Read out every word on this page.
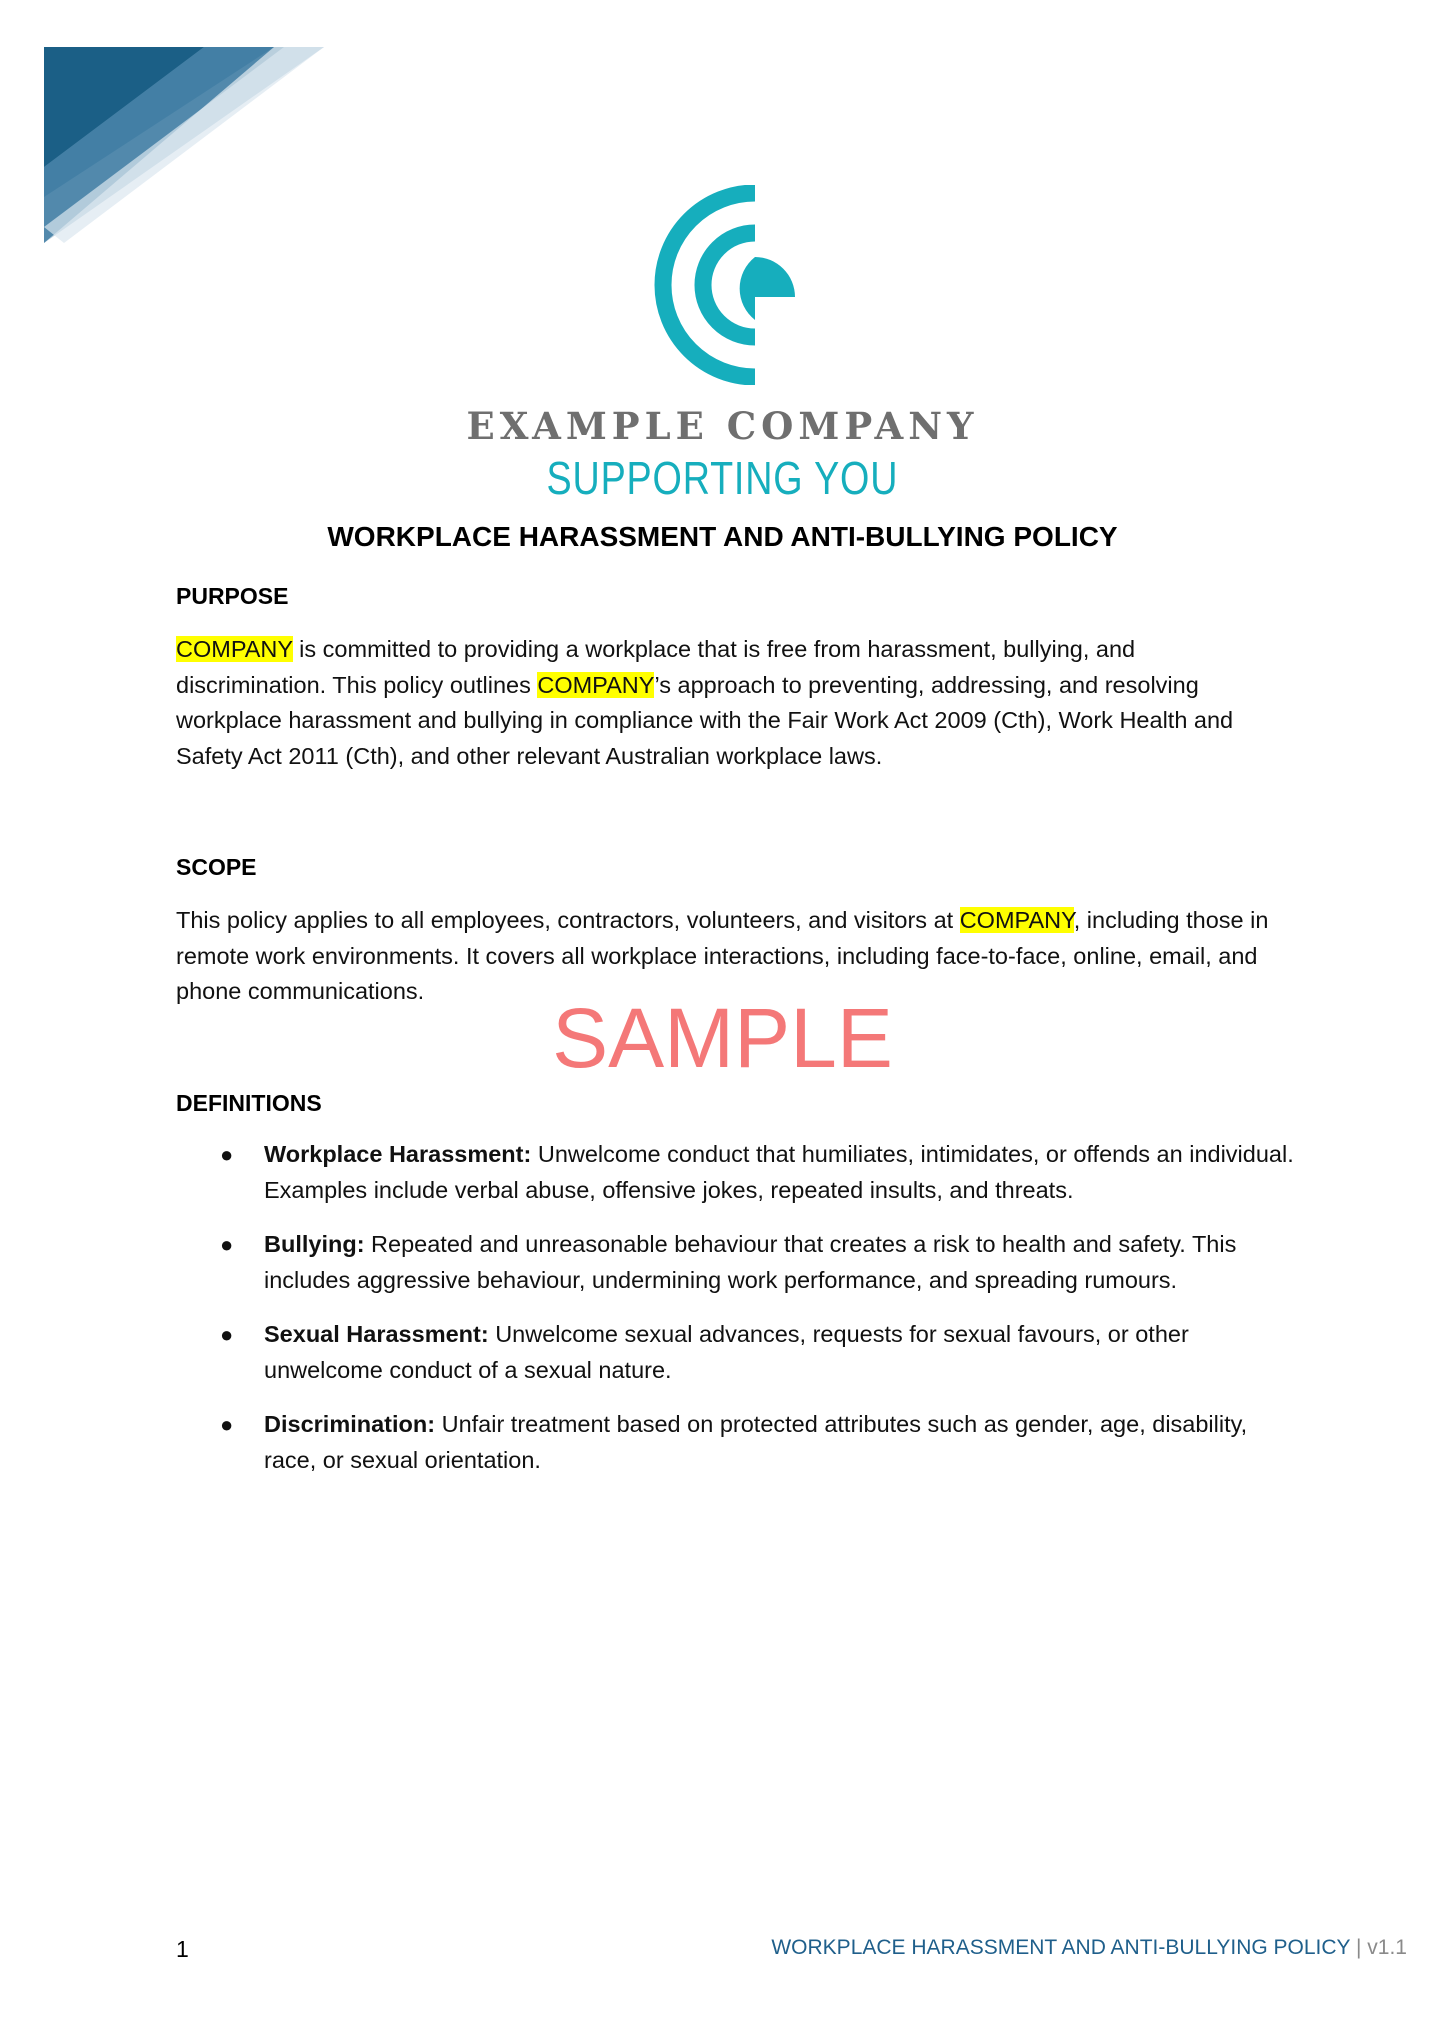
EXAMPLE COMPANY
SUPPORTING YOU
WORKPLACE HARASSMENT AND ANTI-BULLYING POLICY
PURPOSE
COMPANY is committed to providing a workplace that is free from harassment, bullying, and discrimination. This policy outlines COMPANY’s approach to preventing, addressing, and resolving workplace harassment and bullying in compliance with the Fair Work Act 2009 (Cth), Work Health and Safety Act 2011 (Cth), and other relevant Australian workplace laws.
SCOPE
This policy applies to all employees, contractors, volunteers, and visitors at COMPANY, including those in remote work environments. It covers all workplace interactions, including face-to-face, online, email, and phone communications.	SAMPLE
DEFINITIONS
● Workplace Harassment: Unwelcome conduct that humiliates, intimidates, or offends an individual. Examples include verbal abuse, offensive jokes, repeated insults, and threats.
● Bullying: Repeated and unreasonable behaviour that creates a risk to health and safety. This includes aggressive behaviour, undermining work performance, and spreading rumours.
● Sexual Harassment: Unwelcome sexual advances, requests for sexual favours, or other unwelcome conduct of a sexual nature.
● Discrimination: Unfair treatment based on protected attributes such as gender, age, disability, race, or sexual orientation.
1	WORKPLACE HARASSMENT AND ANTI-BULLYING POLICY | v1.1
